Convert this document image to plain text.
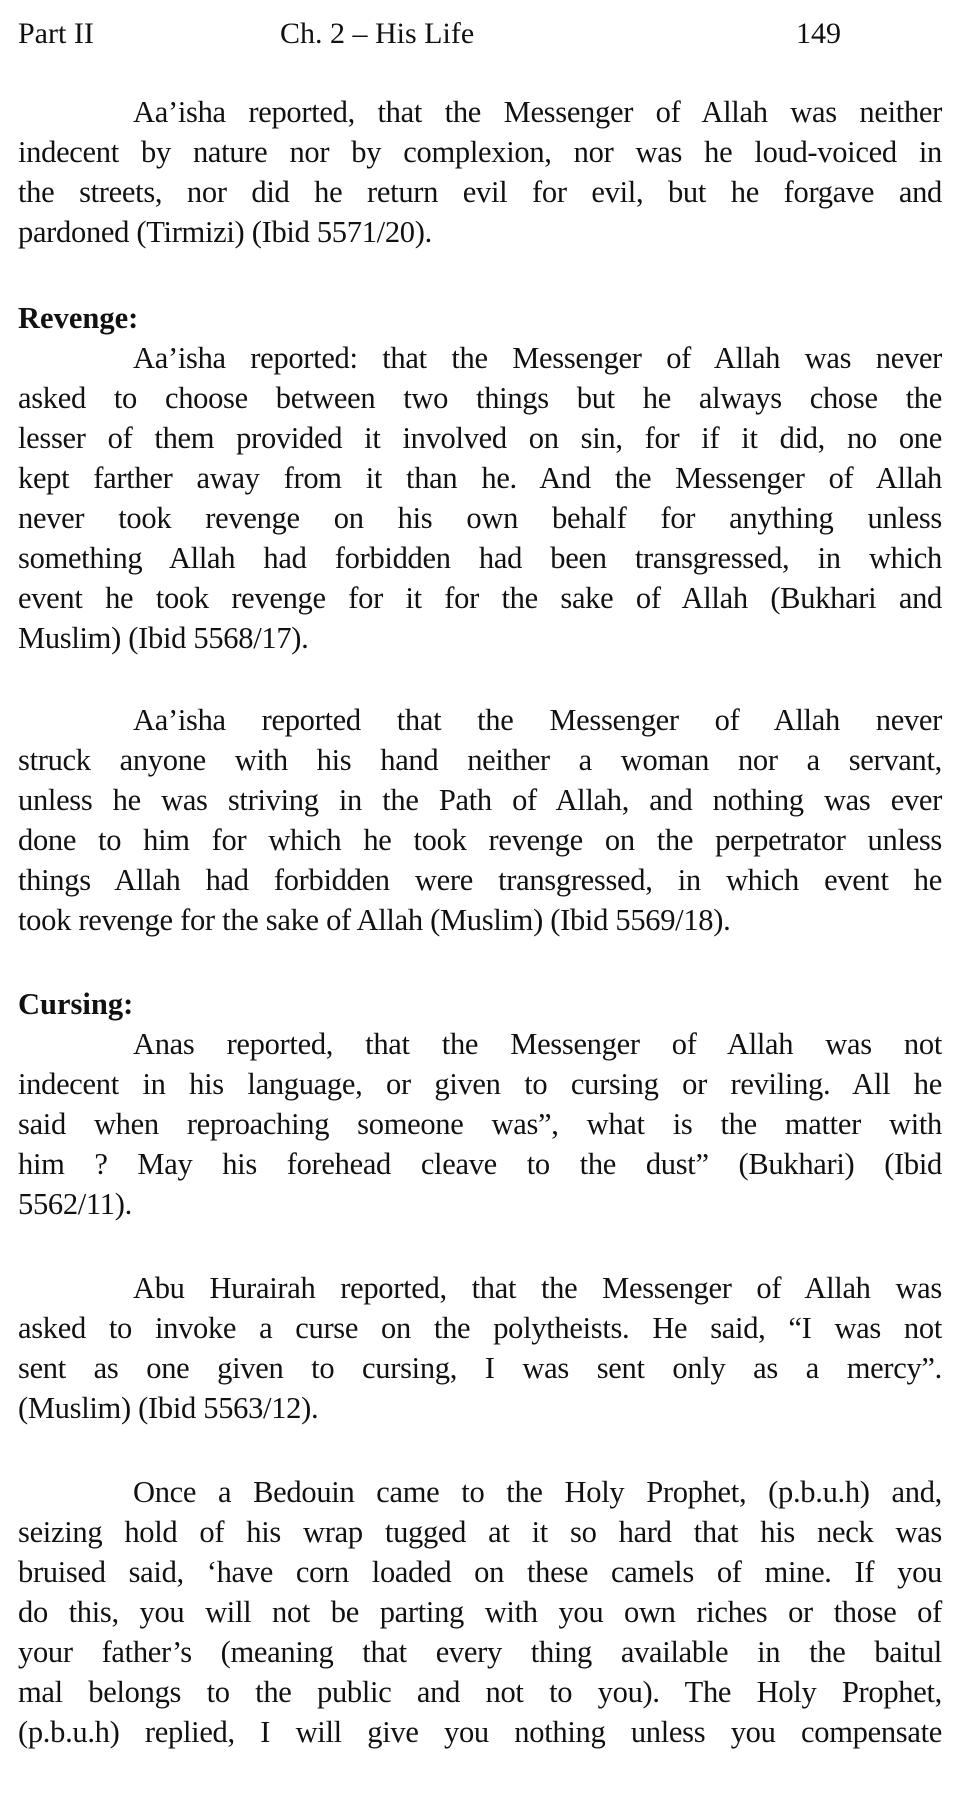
Part II	Ch. 2 – His Life	149
Aa’isha reported, that the Messenger of Allah was neither
indecent by nature nor by complexion, nor was he loud-voiced in
the streets, nor did he return evil for evil, but he forgave and
pardoned (Tirmizi) (Ibid 5571/20).
Revenge:
Aa’isha reported: that the Messenger of Allah was never
asked to choose between two things but he always chose the
lesser of them provided it involved on sin, for if it did, no one
kept farther away from it than he. And the Messenger of Allah
never took revenge on his own behalf for anything unless
something Allah had forbidden had been transgressed, in which
event he took revenge for it for the sake of Allah (Bukhari and
Muslim) (Ibid 5568/17).
Aa’isha reported that the Messenger of Allah never
struck anyone with his hand neither a woman nor a servant,
unless he was striving in the Path of Allah, and nothing was ever
done to him for which he took revenge on the perpetrator unless
things Allah had forbidden were transgressed, in which event he
took revenge for the sake of Allah (Muslim) (Ibid 5569/18).
Cursing:
Anas reported, that the Messenger of Allah was not
indecent in his language, or given to cursing or reviling. All he
said when reproaching someone was”, what is the matter with
him ? May his forehead cleave to the dust” (Bukhari) (Ibid
5562/11).
Abu Hurairah reported, that the Messenger of Allah was
asked to invoke a curse on the polytheists. He said, “I was not
sent as one given to cursing, I was sent only as a mercy”.
(Muslim) (Ibid 5563/12).
Once a Bedouin came to the Holy Prophet, (p.b.u.h) and,
seizing hold of his wrap tugged at it so hard that his neck was
bruised said, ‘have corn loaded on these camels of mine. If you
do this, you will not be parting with you own riches or those of
your father’s (meaning that every thing available in the baitul
mal belongs to the public and not to you). The Holy Prophet,
(p.b.u.h) replied, I will give you nothing unless you compensate
